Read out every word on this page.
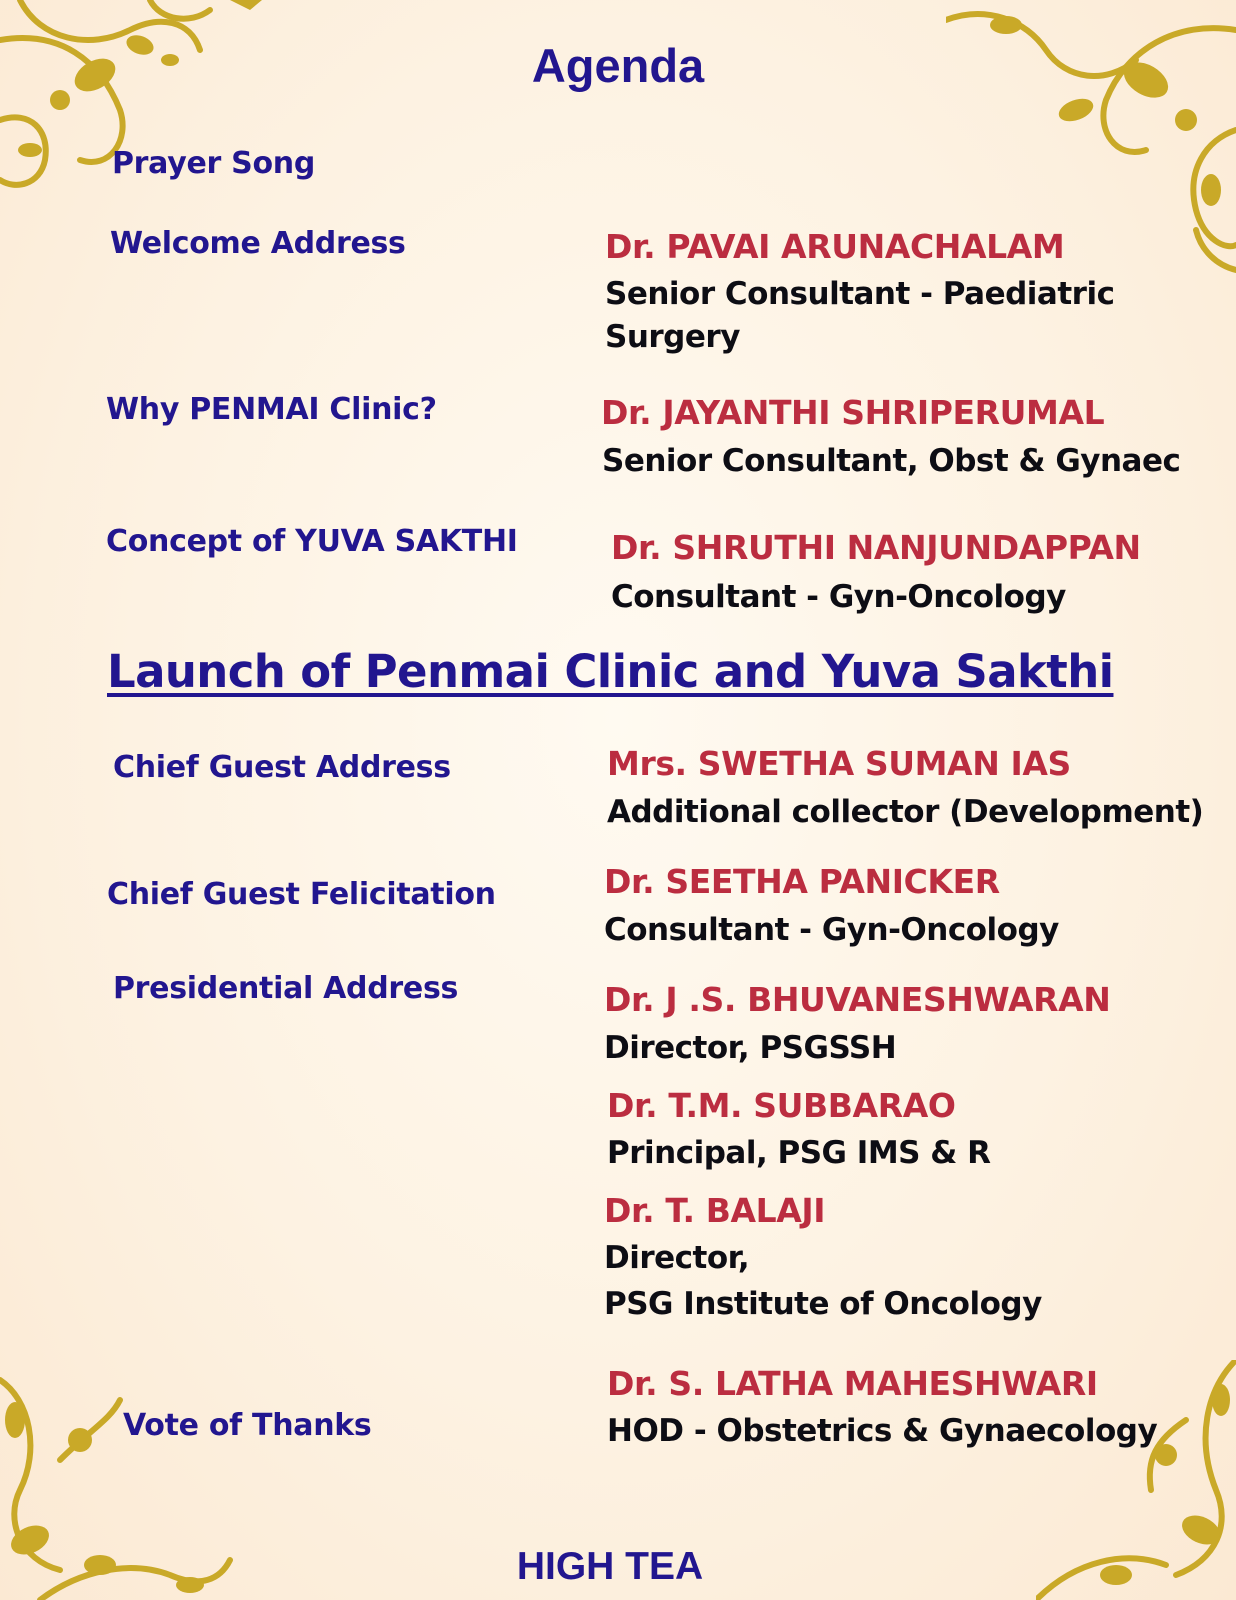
Agenda
Prayer Song
Welcome Address
Why PENMAI Clinic?
Concept of YUVA SAKTHI
Dr. PAVAI ARUNACHALAM
Senior Consultant - Paediatric
Surgery
Dr. JAYANTHI SHRIPERUMAL
Senior Consultant, Obst & Gynaec
Dr. SHRUTHI NANJUNDAPPAN
Consultant - Gyn-Oncology
Launch of Penmai Clinic and Yuva Sakthi
Chief Guest Address
Chief Guest Felicitation
Presidential Address
Vote of Thanks
Mrs. SWETHA SUMAN IAS
Additional collector (Development)
Dr. SEETHA PANICKER
Consultant - Gyn-Oncology
Dr. J .S. BHUVANESHWARAN
Director, PSGSSH
Dr. T.M. SUBBARAO
Principal, PSG IMS & R
Dr. T. BALAJI
Director,
PSG Institute of Oncology
Dr. S. LATHA MAHESHWARI
HOD - Obstetrics & Gynaecology
HIGH TEA
